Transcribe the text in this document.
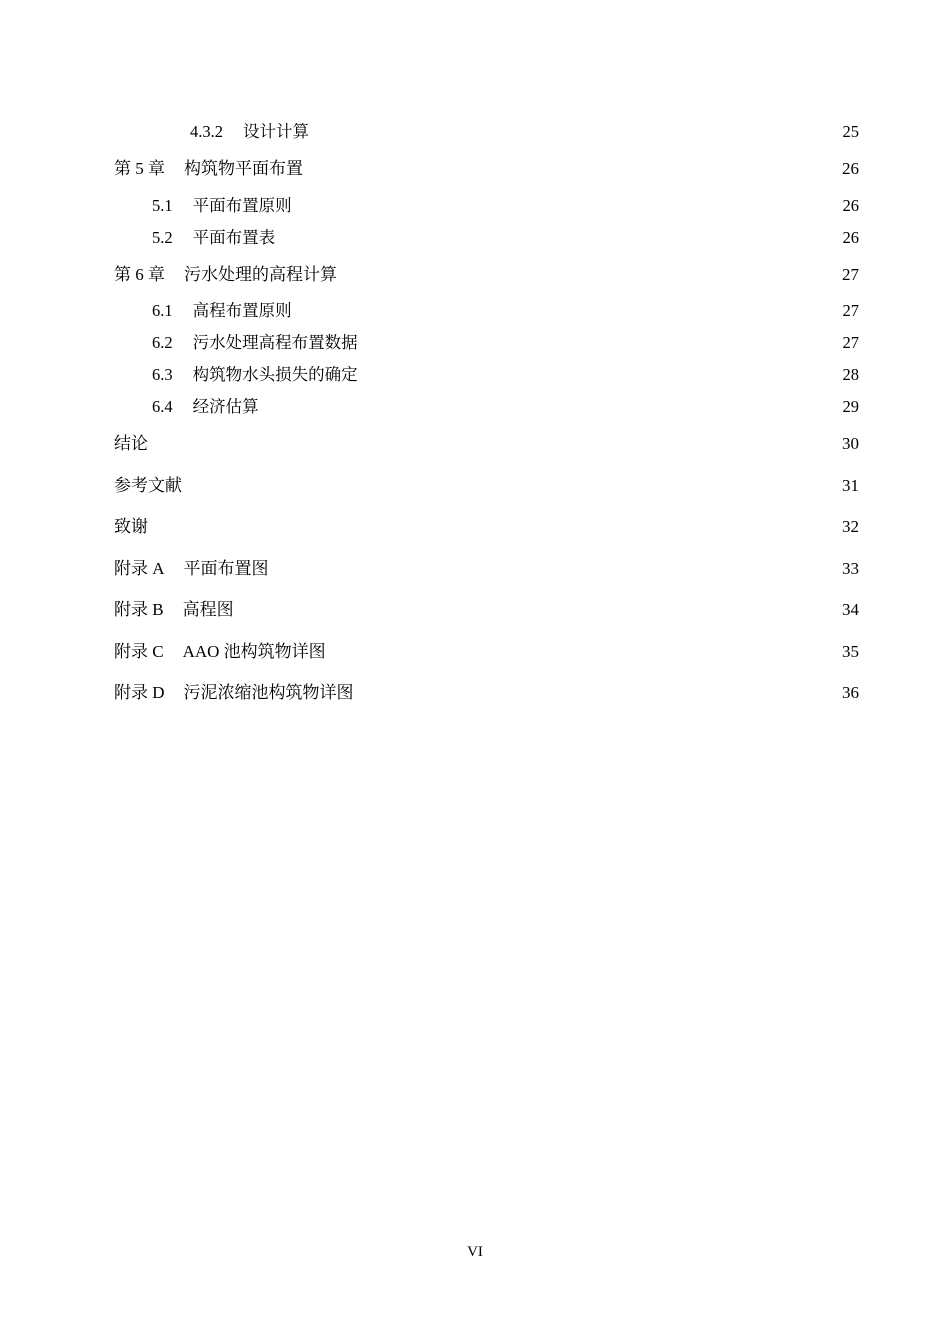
4.3.2 设计计算	25
第 5 章 构筑物平面布置	26
5.1 平面布置原则	26
5.2 平面布置表	26
第 6 章 污水处理的高程计算	27
6.1 高程布置原则	27
6.2 污水处理高程布置数据	27
6.3 构筑物水头损失的确定	28
6.4 经济估算	29
结论	30
参考文献	31
致谢	32
附录 A 平面布置图	33
附录 B 高程图	34
附录 C AAO 池构筑物详图	35
附录 D 污泥浓缩池构筑物详图	36
VI
